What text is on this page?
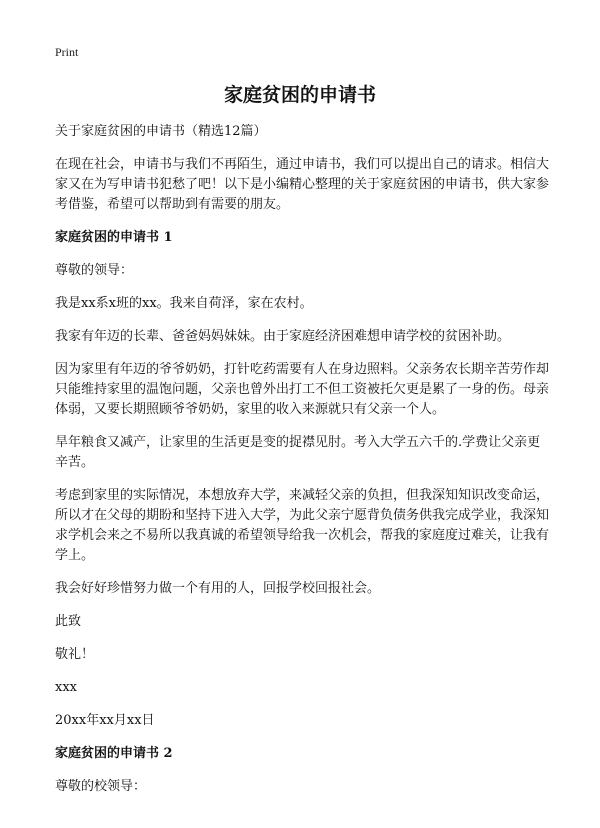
Print
家庭贫困的申请书

关于家庭贫困的申请书（精选12篇）

在现在社会，申请书与我们不再陌生，通过申请书，我们可以提出自己的请求。相信大家又在为写申请书犯愁了吧！以下是小编精心整理的关于家庭贫困的申请书，供大家参考借鉴，希望可以帮助到有需要的朋友。

家庭贫困的申请书 1

尊敬的领导：

我是xx系x班的xx。我来自荷泽，家在农村。

我家有年迈的长辈、爸爸妈妈妹妹。由于家庭经济困难想申请学校的贫困补助。

因为家里有年迈的爷爷奶奶，打针吃药需要有人在身边照料。父亲务农长期辛苦劳作却只能维持家里的温饱问题，父亲也曾外出打工不但工资被托欠更是累了一身的伤。母亲体弱，又要长期照顾爷爷奶奶，家里的收入来源就只有父亲一个人。

旱年粮食又减产，让家里的生活更是变的捉襟见肘。考入大学五六千的.学费让父亲更辛苦。

考虑到家里的实际情况，本想放弃大学，来减轻父亲的负担，但我深知知识改变命运，所以才在父母的期盼和坚持下进入大学，为此父亲宁愿背负债务供我完成学业，我深知求学机会来之不易所以我真诚的希望领导给我一次机会，帮我的家庭度过难关，让我有学上。

我会好好珍惜努力做一个有用的人，回报学校回报社会。

此致

敬礼！

xxx

20xx年xx月xx日

家庭贫困的申请书 2

尊敬的校领导：
